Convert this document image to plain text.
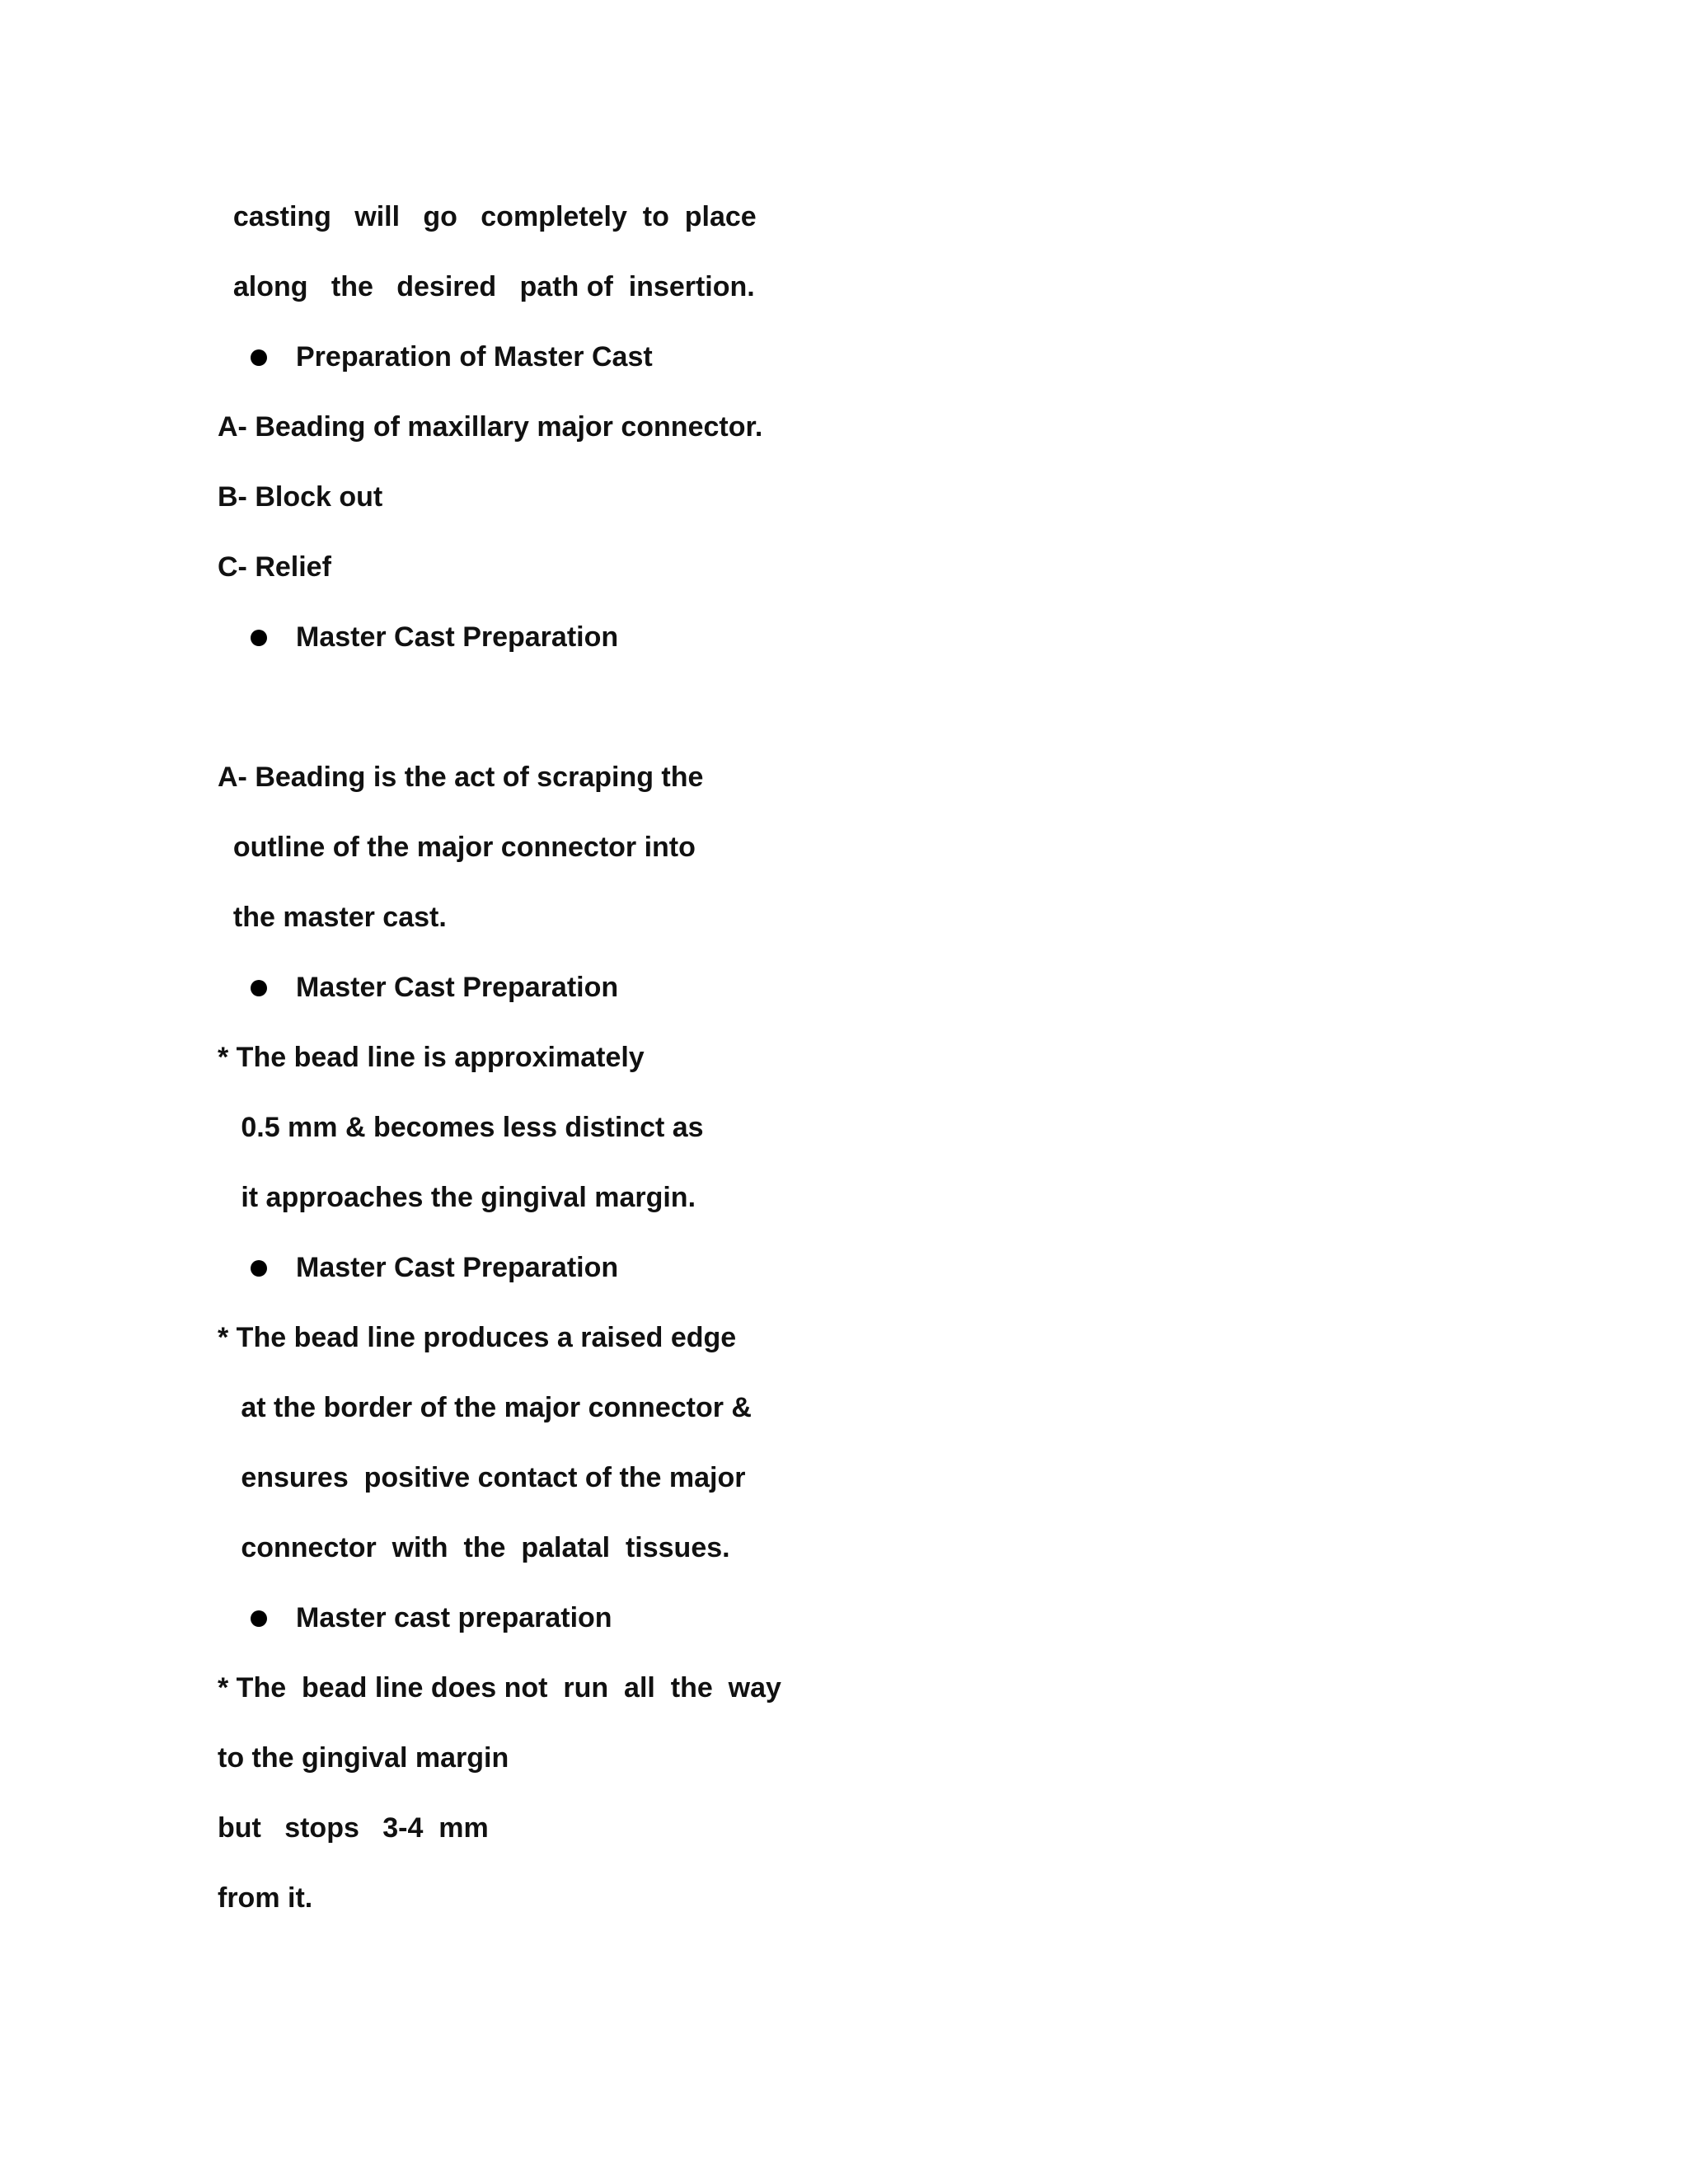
casting   will   go   completely  to  place
along   the   desired   path of  insertion.
Preparation of Master Cast
A- Beading of maxillary major connector.
B- Block out
C- Relief
Master Cast Preparation
A- Beading is the act of scraping the
outline of the major connector into
the master cast.
Master Cast Preparation
* The bead line is approximately
0.5 mm & becomes less distinct as
it approaches the gingival margin.
Master Cast Preparation
* The bead line produces a raised edge
at the border of the major connector &
ensures  positive contact of the major
connector  with  the  palatal  tissues.
Master cast preparation
* The  bead line does not  run  all  the  way
to the gingival margin
but   stops   3-4  mm
from it.
